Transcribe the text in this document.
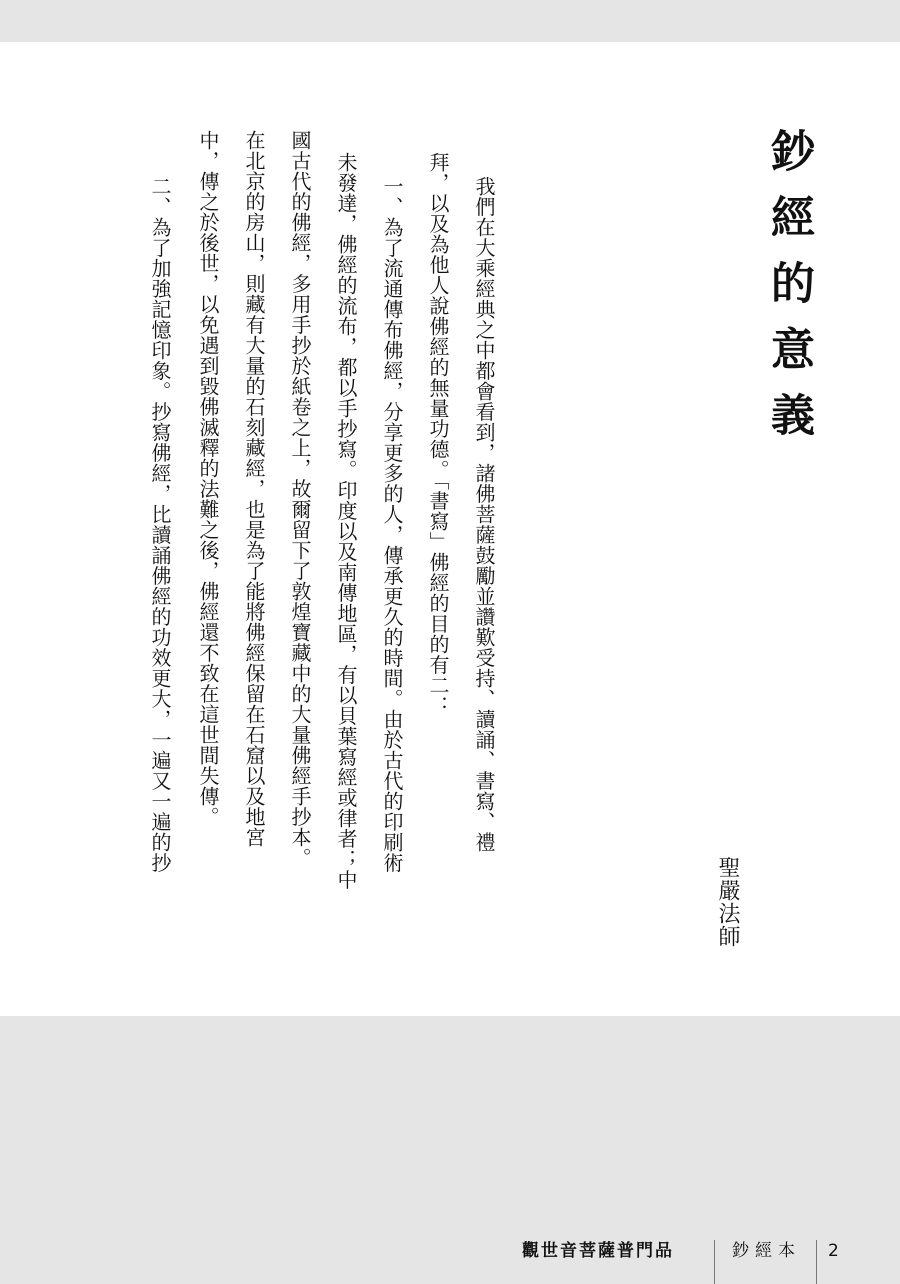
鈔經的意義
聖嚴法師
我們在大乘經典之中都會看到，諸佛菩薩鼓勵並讚歎受持、讀誦、書寫、禮
拜，以及為他人說佛經的無量功德。「書寫」佛經的目的有二：
一、為了流通傳布佛經，分享更多的人，傳承更久的時間。由於古代的印刷術
未發達，佛經的流布，都以手抄寫。印度以及南傳地區，有以貝葉寫經或律者；中
國古代的佛經，多用手抄於紙卷之上，故爾留下了敦煌寶藏中的大量佛經手抄本。
在北京的房山，則藏有大量的石刻藏經，也是為了能將佛經保留在石窟以及地宮
中，傳之於後世，以免遇到毀佛滅釋的法難之後，佛經還不致在這世間失傳。
二、為了加強記憶印象。抄寫佛經，比讀誦佛經的功效更大，一遍又一遍的抄
觀世音菩薩普門品	鈔經本 2
